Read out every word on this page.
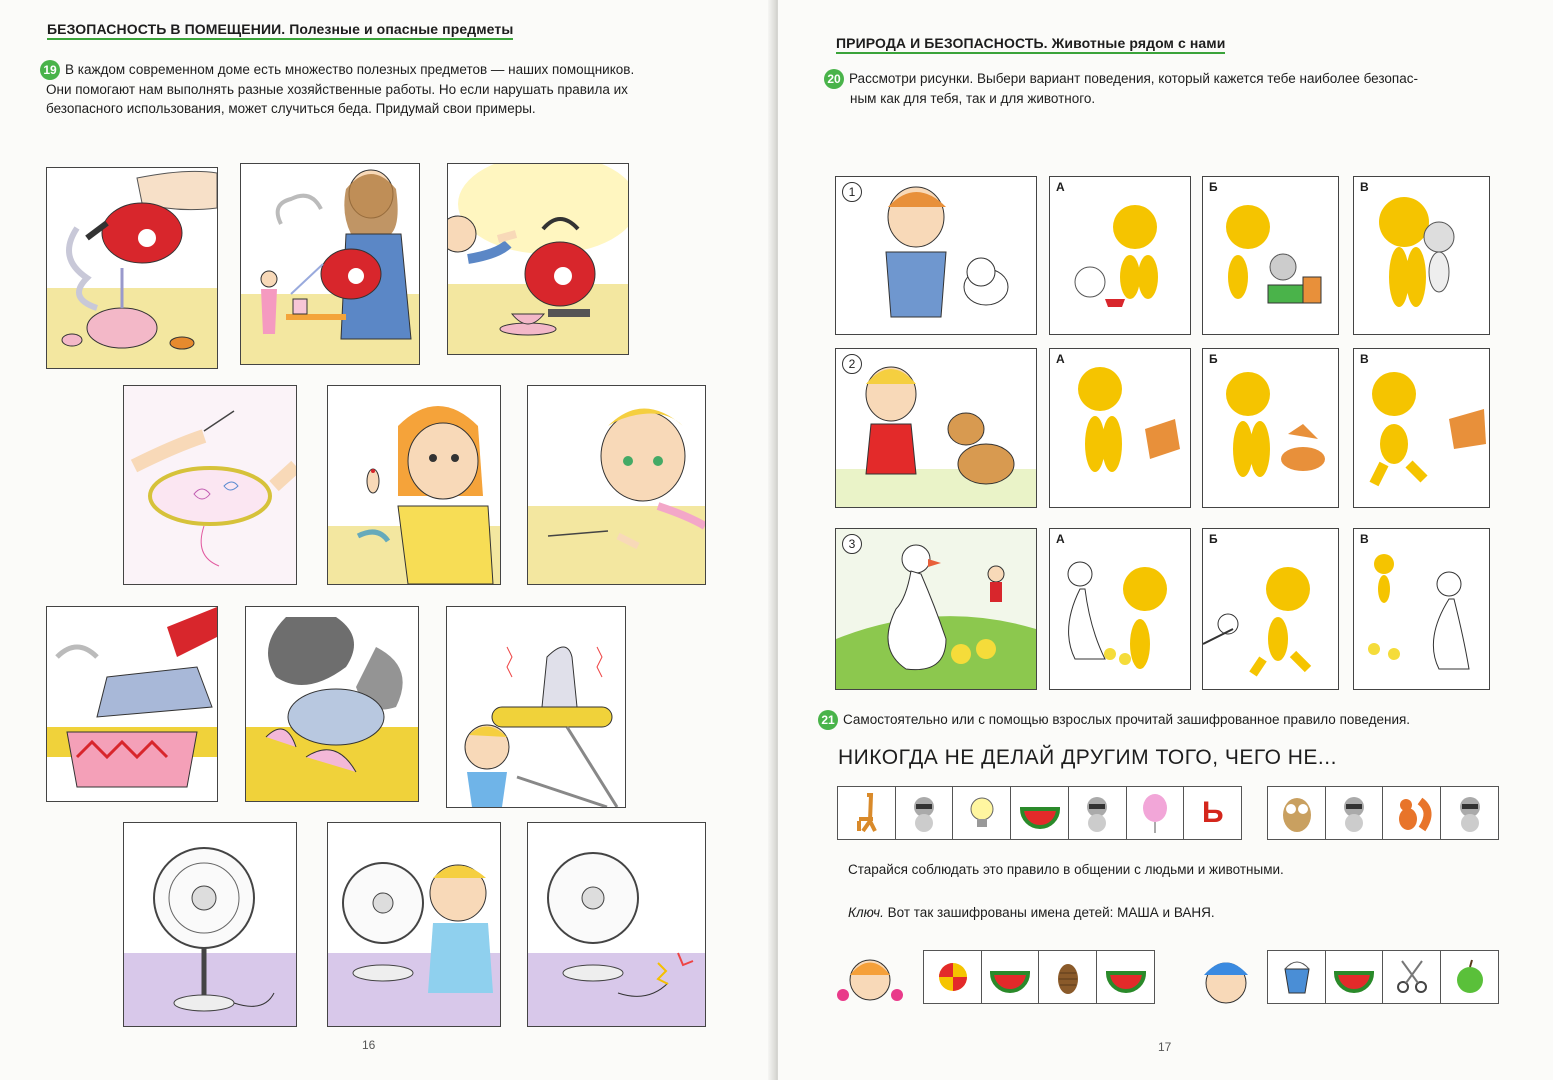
БЕЗОПАСНОСТЬ В ПОМЕЩЕНИИ. Полезные и опасные предметы
19 В каждом современном доме есть множество полезных предметов — наших помощников.
Они помогают нам выполнять разные хозяйственные работы. Но если нарушать правила их
безопасного использования, может случиться беда. Придумай свои примеры.
16
ПРИРОДА И БЕЗОПАСНОСТЬ. Животные рядом с нами
20 Рассмотри рисунки. Выбери вариант поведения, который кажется тебе наиболее безопас-
ным как для тебя, так и для животного.
1	А	Б	В
2	А	Б	В
3	А	Б	В
21 Самостоятельно или с помощью взрослых прочитай зашифрованное правило поведения.
НИКОГДА НЕ ДЕЛАЙ ДРУГИМ ТОГО, ЧЕГО НЕ...
Ь
Старайся соблюдать это правило в общении с людьми и животными.
Ключ. Вот так зашифрованы имена детей: МАША и ВАНЯ.
17
